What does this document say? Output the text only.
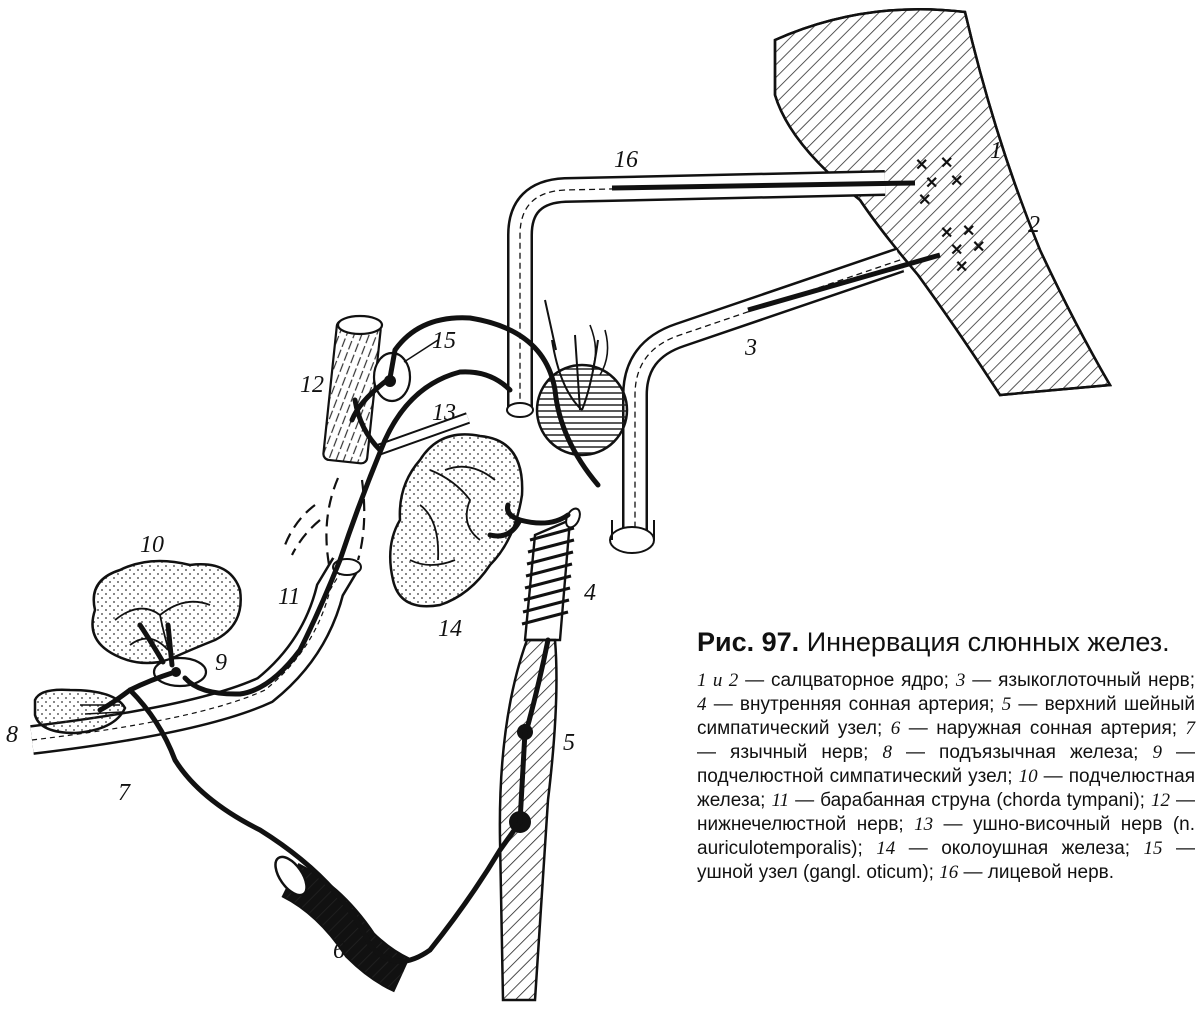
✕ ✕
✕ ✕
✕
✕ ✕
✕ ✕
✕
1
2
3
4
5
6
7
8
9
10
11
12
13
14
15
16

Рис. 97. Иннервация слюнных желез.

1 и 2 — салцваторное ядро; 3 — языкоглоточный нерв; 4 — внутренняя сонная артерия; 5 — верхний шейный симпатический узел; 6 — наружная сонная артерия; 7 — язычный нерв; 8 — подъязычная железа; 9 — подчелюстной симпатический узел; 10 — подчелюстная железа; 11 — барабанная струна (chorda tympani); 12 — нижнечелюстной нерв; 13 — ушно-височный нерв (n. auriculotemporalis); 14 — околоушная железа; 15 — ушной узел (gangl. oticum); 16 — лицевой нерв.
